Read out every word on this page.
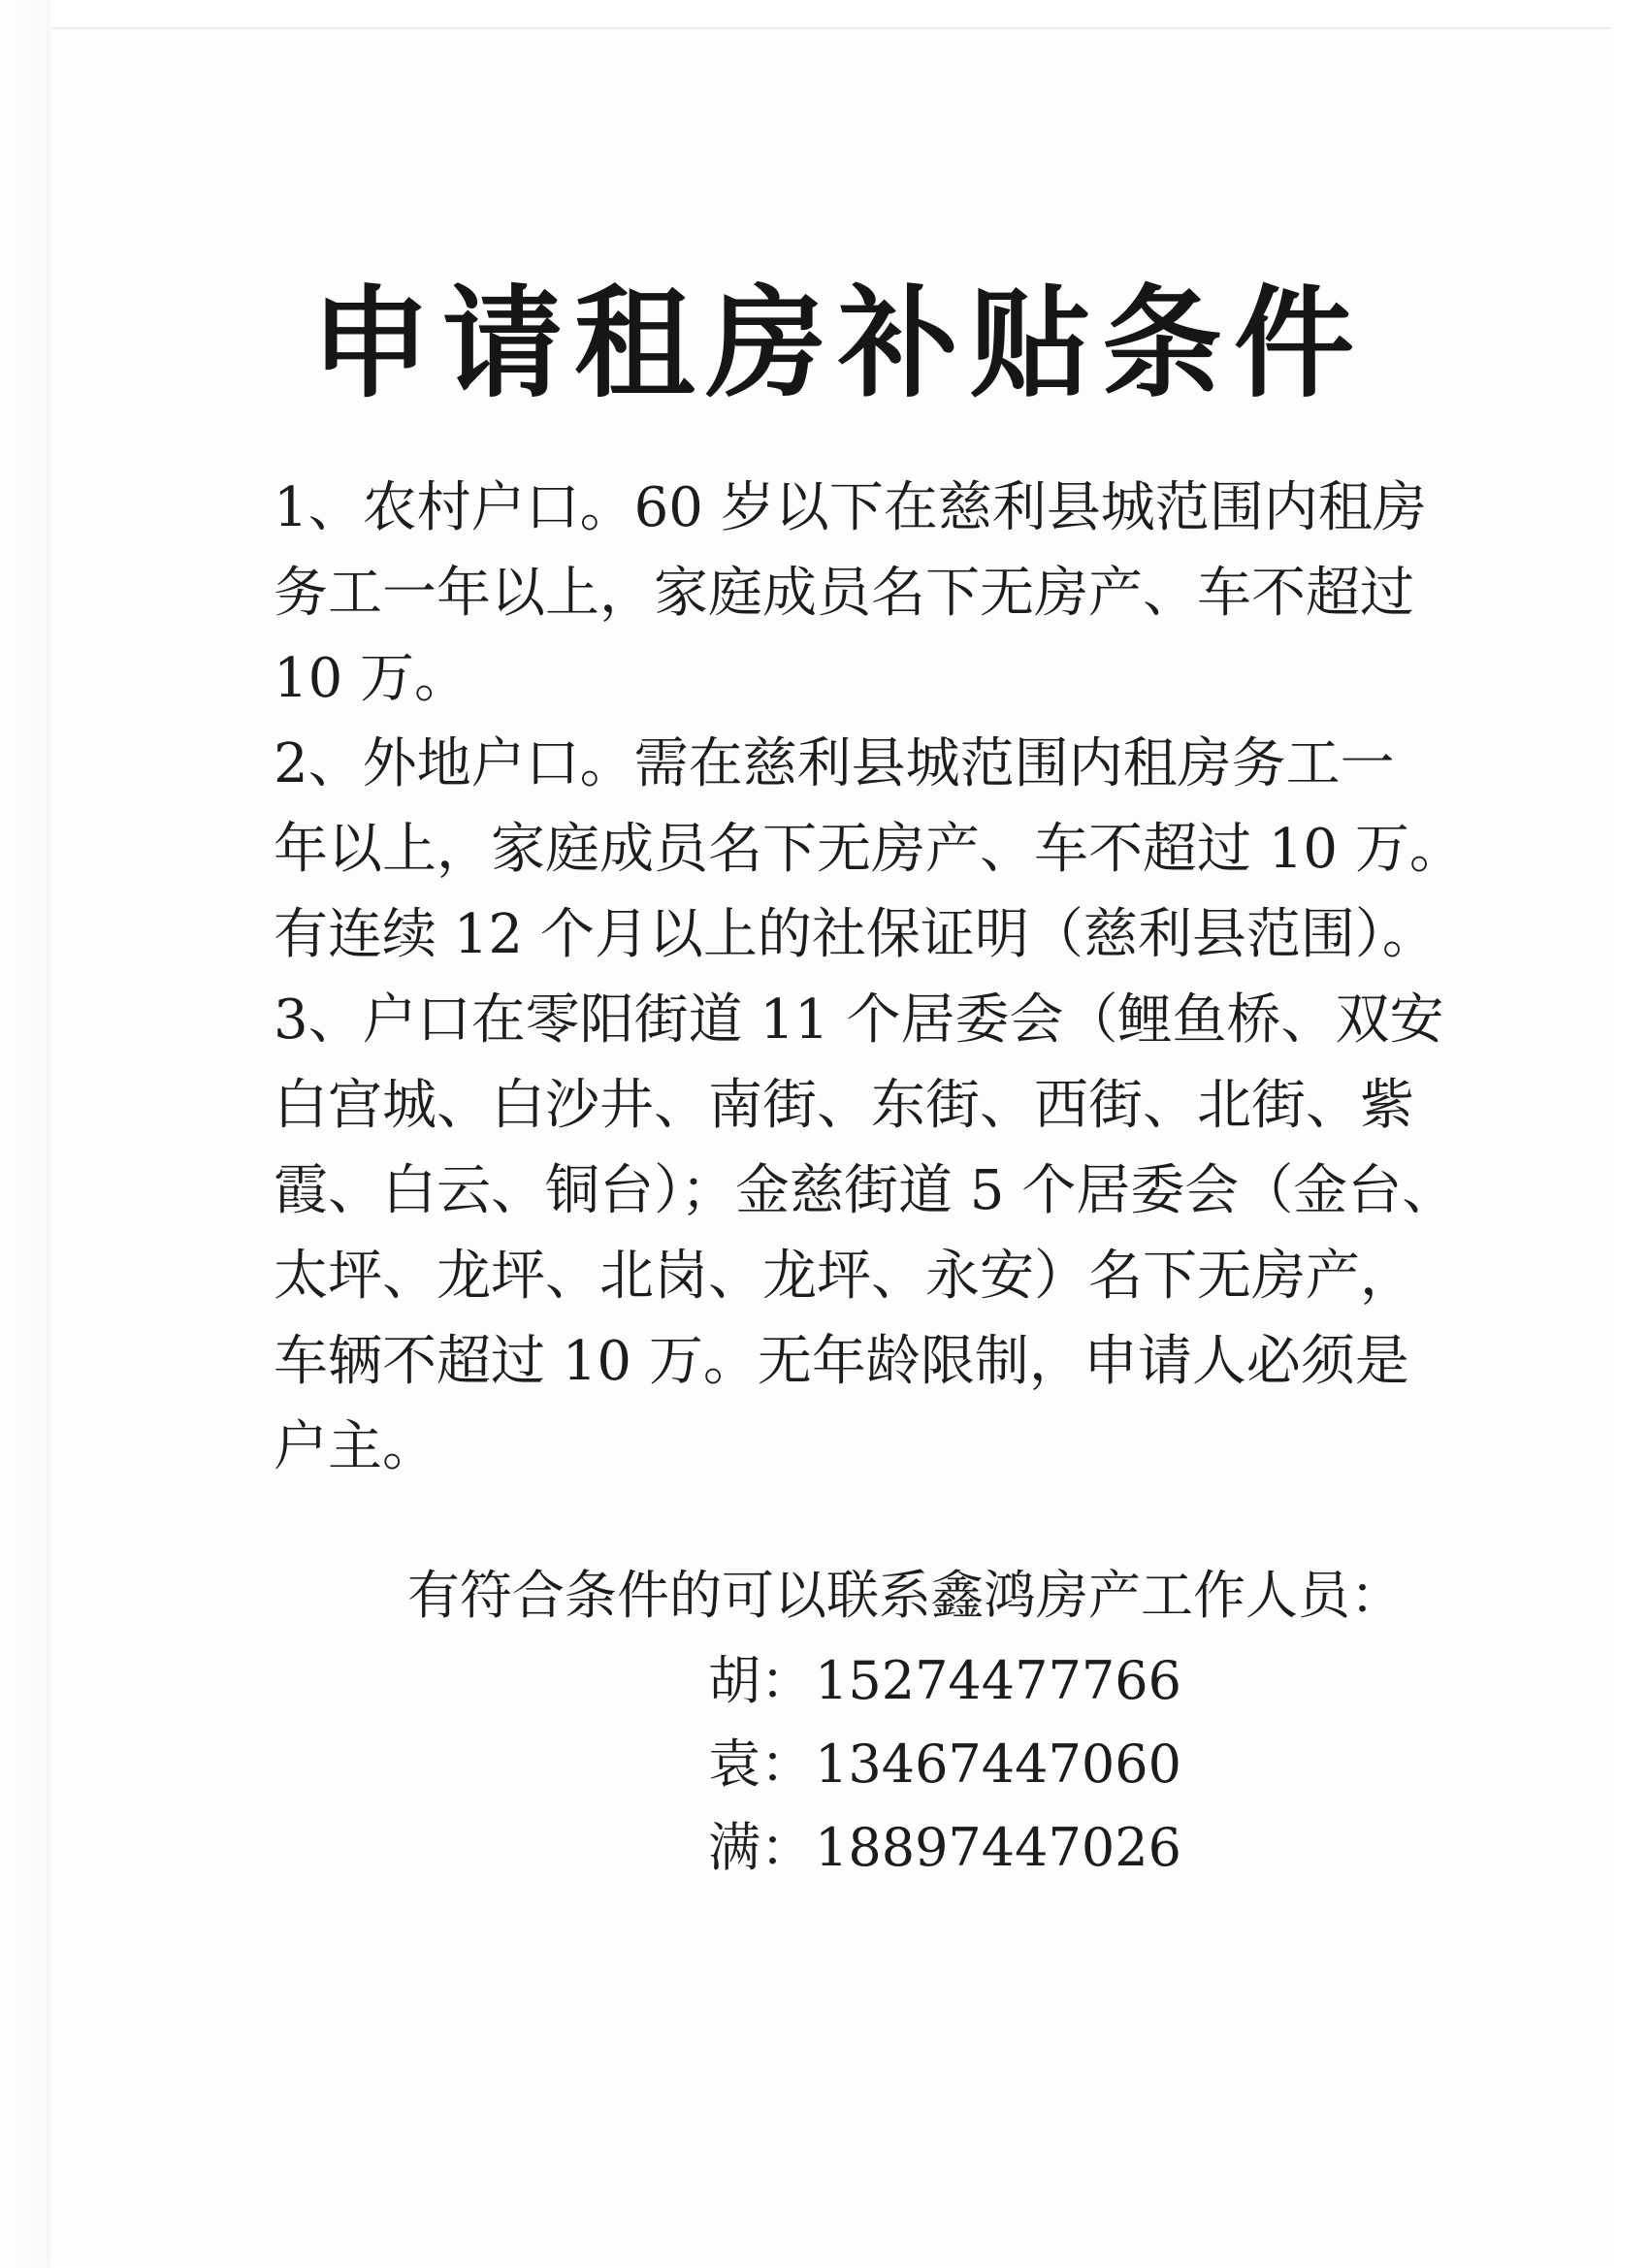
申请租房补贴条件
1、农村户口。60 岁以下在慈利县城范围内租房
务工一年以上，家庭成员名下无房产、车不超过
10 万。
2、外地户口。需在慈利县城范围内租房务工一
年以上，家庭成员名下无房产、车不超过 10 万。
有连续 12 个月以上的社保证明（慈利县范围）。
3、户口在零阳街道 11 个居委会（鲤鱼桥、双安
白宫城、白沙井、南街、东街、西街、北街、紫
霞、白云、铜台）；金慈街道 5 个居委会（金台、
太坪、龙坪、北岗、龙坪、永安）名下无房产，
车辆不超过 10 万。无年龄限制，申请人必须是
户主。

有符合条件的可以联系鑫鸿房产工作人员：

胡：15274477766
袁：13467447060
满：18897447026
